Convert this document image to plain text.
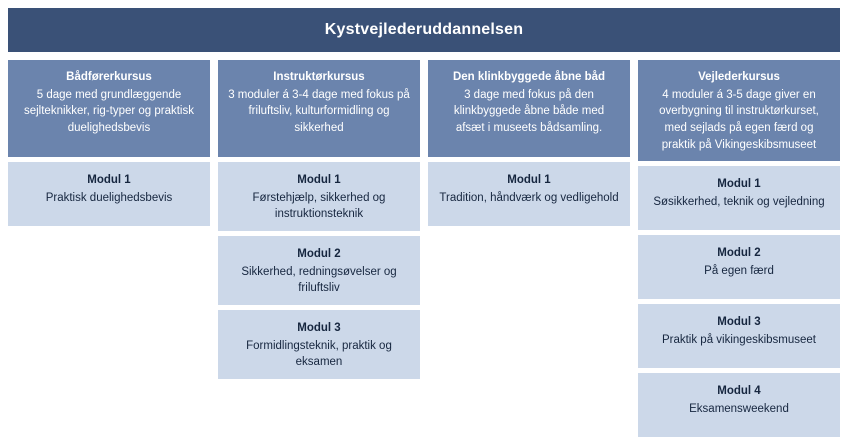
Kystvejlederuddannelsen
Bådførerkursus
5 dage med grundlæggende sejlteknikker, rig-typer og praktisk duelighedsbevis
Modul 1
Praktisk duelighedsbevis
Instruktørkursus
3 moduler á 3-4 dage med fokus på friluftsliv, kulturformidling og sikkerhed
Modul 1
Førstehjælp, sikkerhed og instruktionsteknik
Modul 2
Sikkerhed, redningsøvelser og friluftsliv
Modul 3
Formidlingsteknik, praktik og eksamen
Den klinkbyggede åbne båd
3 dage med fokus på den klinkbyggede åbne både med afsæt i museets bådsamling.
Modul 1
Tradition, håndværk og vedligehold
Vejlederkursus
4 moduler á 3-5 dage giver en overbygning til instruktørkurset, med sejlads på egen færd og praktik på Vikingeskibsmuseet
Modul 1
Søsikkerhed, teknik og vejledning
Modul 2
På egen færd
Modul 3
Praktik på vikingeskibsmuseet
Modul 4
Eksamensweekend
